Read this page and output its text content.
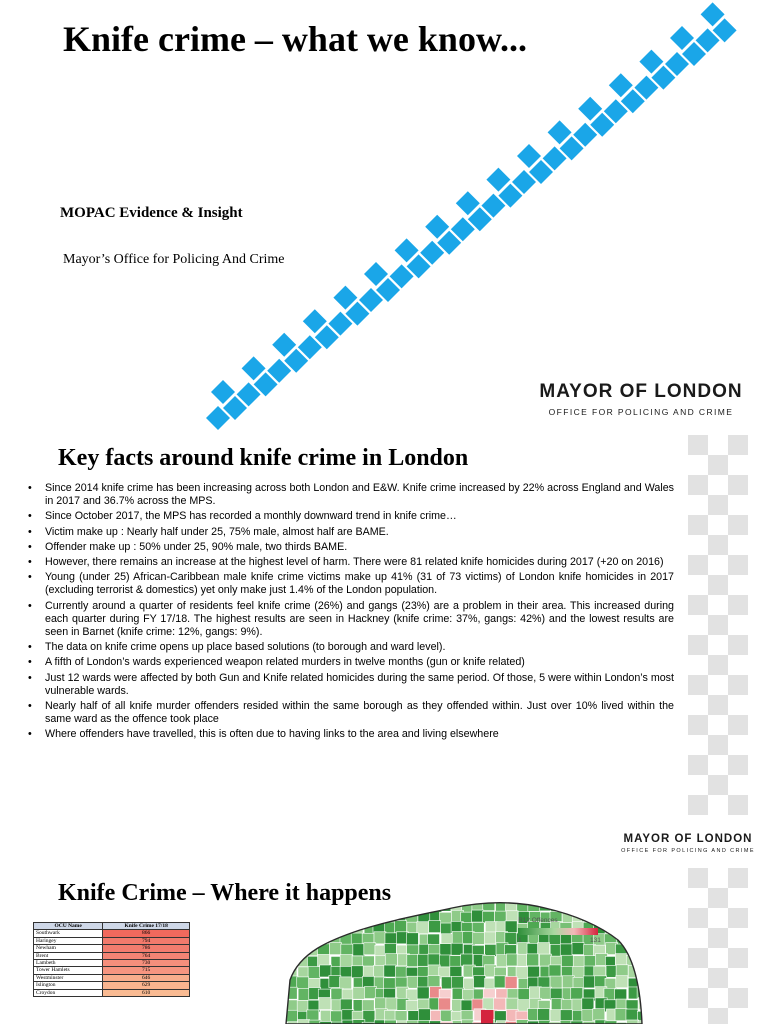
Knife crime – what we know...
MOPAC Evidence & Insight
Mayor’s Office for Policing And Crime
MAYOR OF LONDON
OFFICE FOR POLICING AND CRIME
Key facts around knife crime in London
• Since 2014 knife crime has been increasing across both London and E&W. Knife crime increased by 22% across England and Wales in 2017 and 36.7% across the MPS.
• Since October 2017, the MPS has recorded a monthly downward trend in knife crime…
• Victim make up : Nearly half under 25, 75% male, almost half are BAME.
• Offender make up : 50% under 25, 90% male, two thirds BAME.
• However, there remains an increase at the highest level of harm. There were 81 related knife homicides during 2017 (+20 on 2016)
• Young (under 25) African-Caribbean male knife crime victims make up 41% (31 of 73 victims) of London knife homicides in 2017 (excluding terrorist & domestics) yet only make just 1.4% of the London population.
• Currently around a quarter of residents feel knife crime (26%) and gangs (23%) are a problem in their area. This increased during each quarter during FY 17/18. The highest results are seen in Hackney (knife crime: 37%, gangs: 42%) and the lowest results are seen in Barnet (knife crime: 12%, gangs: 9%).
• The data on knife crime opens up place based solutions (to borough and ward level).
• A fifth of London’s wards experienced weapon related murders in twelve months (gun or knife related)
• Just 12 wards were affected by both Gun and Knife related homicides during the same period. Of those, 5 were within London’s most vulnerable wards.
• Nearly half of all knife murder offenders resided within the same borough as they offended within. Just over 10% lived within the same ward as the offence took place
• Where offenders have travelled, this is often due to having links to the area and living elsewhere
MAYOR OF LONDON
OFFICE FOR POLICING AND CRIME
Knife Crime – Where it happens
OCU Name	Knife Crime 17/18
Southwark	866
Haringey	794
Newham	786
Brent	764
Lambeth	730
Tower Hamlets	715
Westminster	646
Islington	629
Croydon	610
R12 Offences
1	131
